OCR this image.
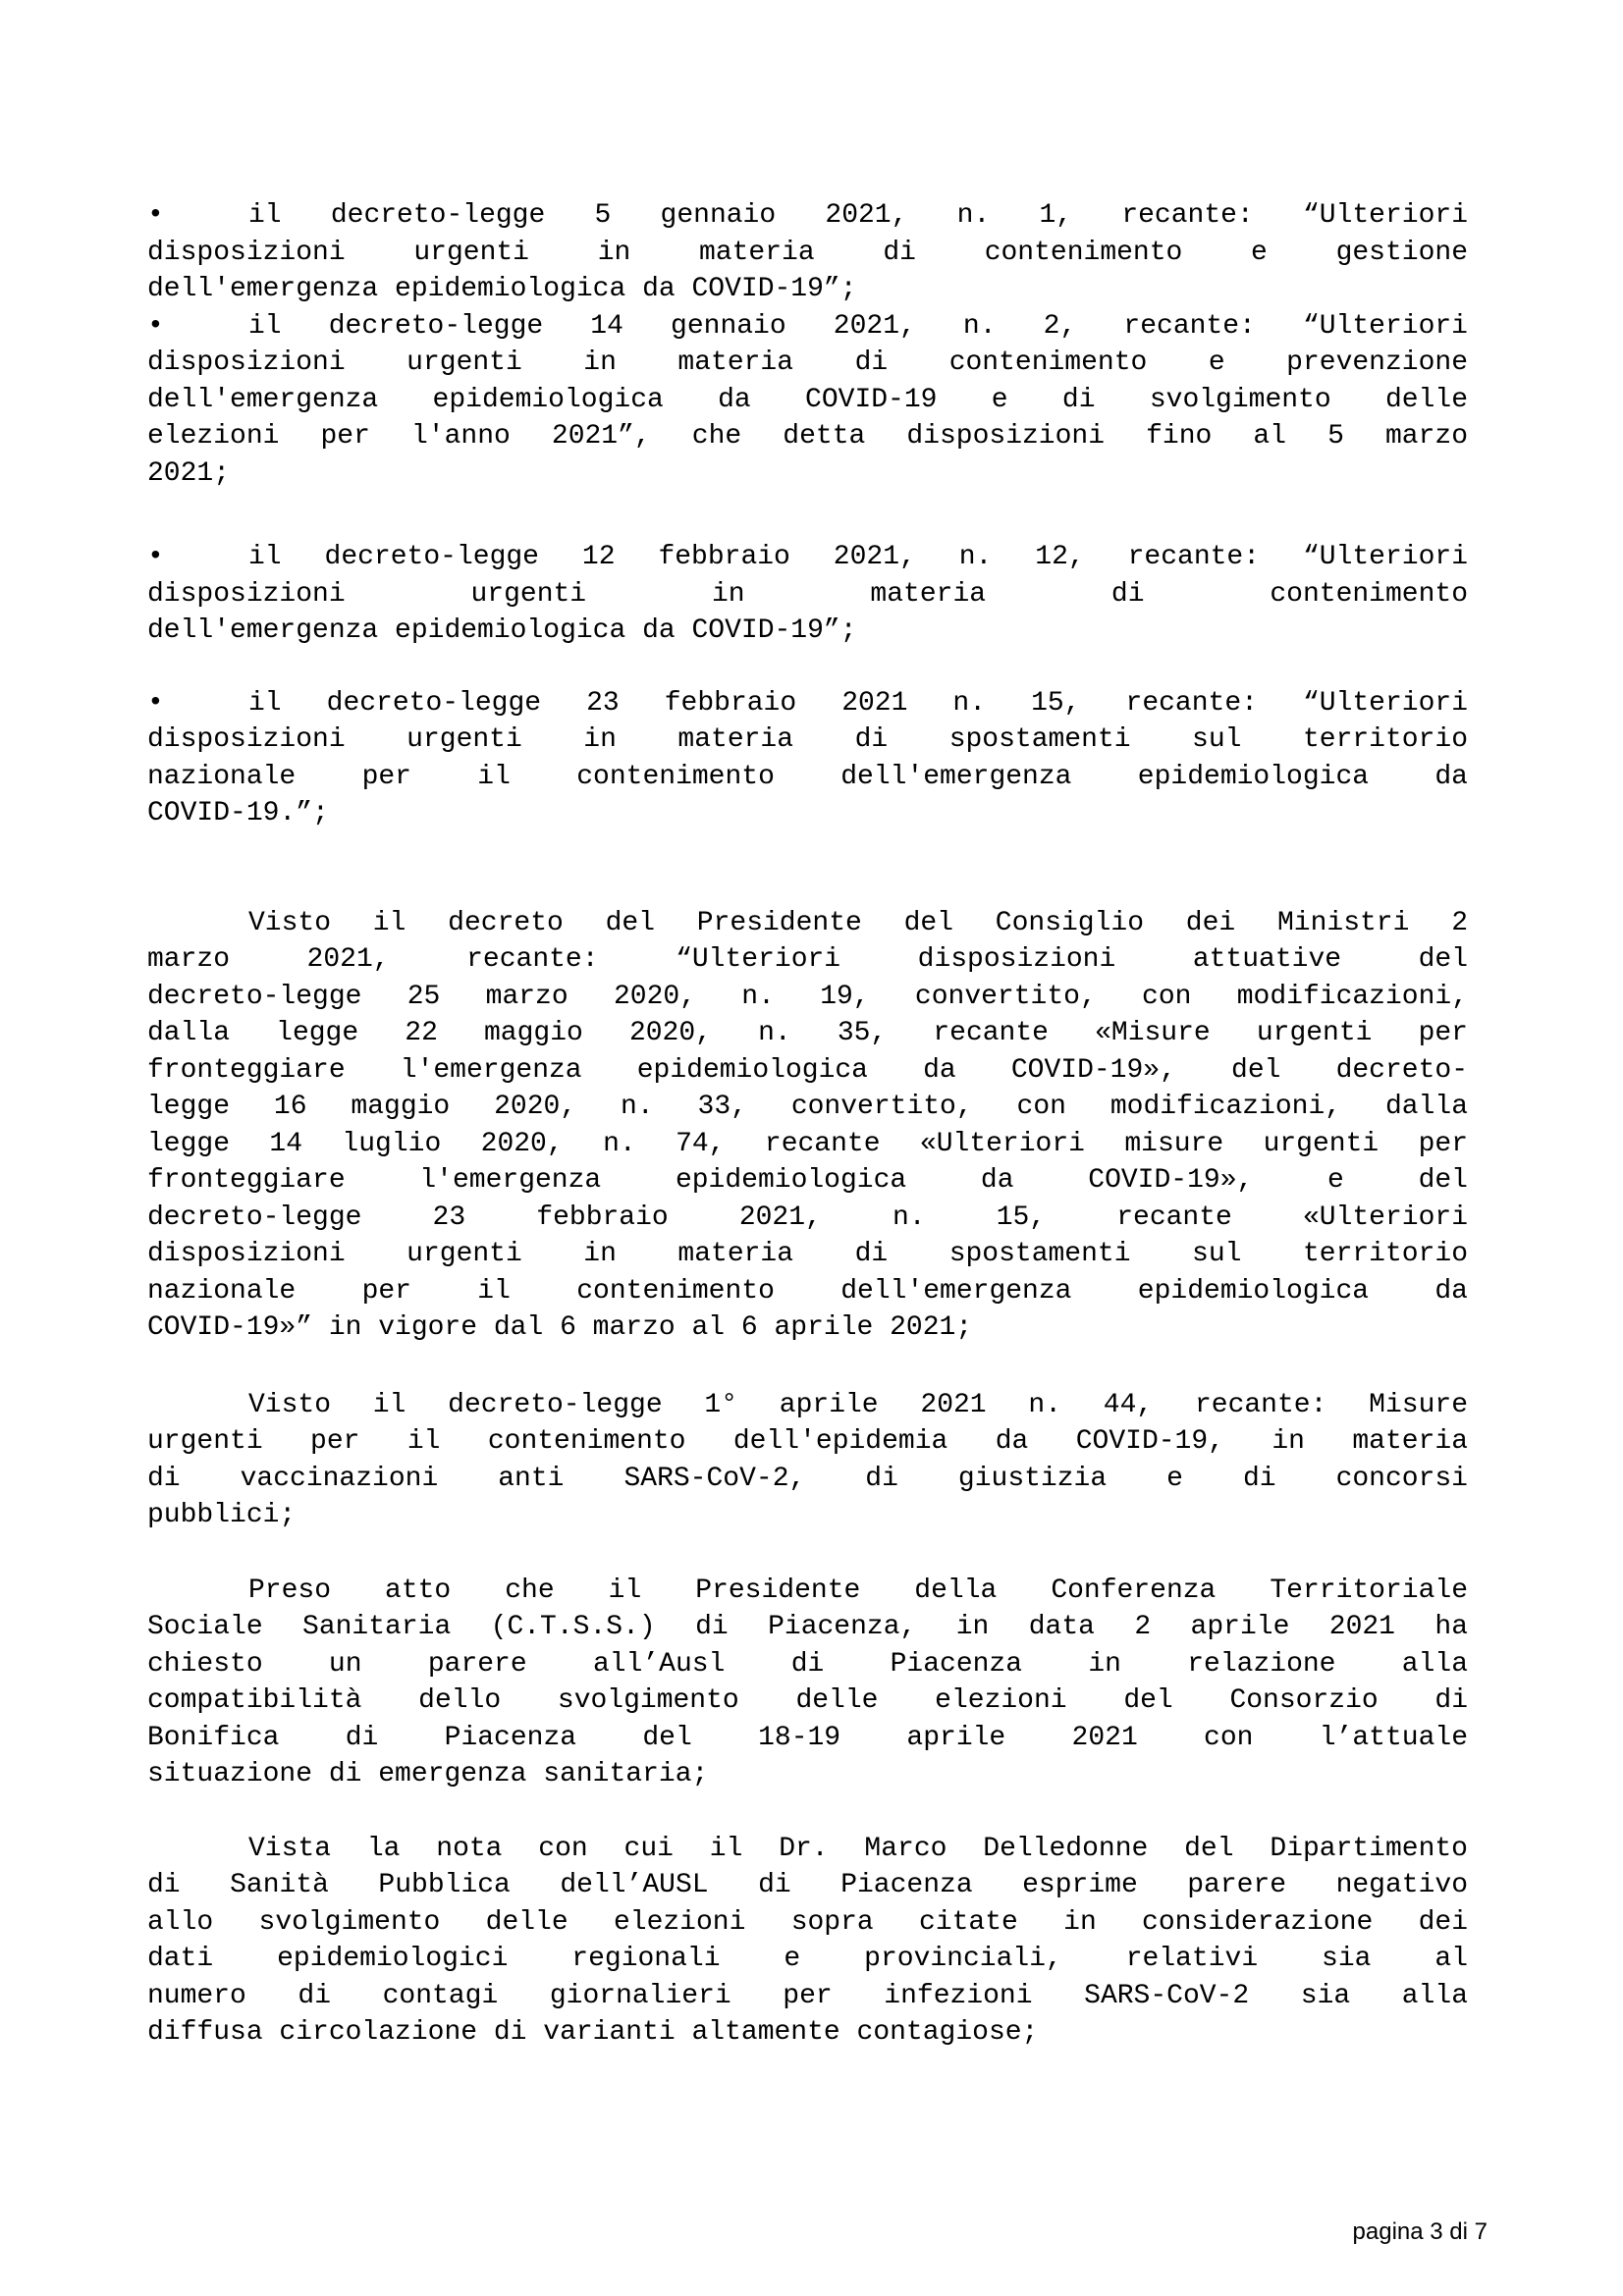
•	il decreto-legge 5 gennaio 2021, n. 1, recante: “Ulteriori
disposizioni urgenti in materia di contenimento e gestione
dell'emergenza epidemiologica da COVID-19”;
•	il decreto-legge 14 gennaio 2021, n. 2, recante: “Ulteriori
disposizioni urgenti in materia di contenimento e prevenzione
dell'emergenza epidemiologica da COVID-19 e di svolgimento delle
elezioni per l'anno 2021”, che detta disposizioni fino al 5 marzo
2021;
•	il decreto-legge 12 febbraio 2021, n. 12, recante: “Ulteriori
disposizioni urgenti in materia di contenimento
dell'emergenza epidemiologica da COVID-19”;
•	il decreto-legge 23 febbraio 2021 n. 15, recante: “Ulteriori
disposizioni urgenti in materia di spostamenti sul territorio
nazionale per il contenimento dell'emergenza epidemiologica da
COVID-19.”;
Visto il decreto del Presidente del Consiglio dei Ministri 2
marzo 2021, recante: “Ulteriori disposizioni attuative del
decreto-legge 25 marzo 2020, n. 19, convertito, con modificazioni,
dalla legge 22 maggio 2020, n. 35, recante «Misure urgenti per
fronteggiare l'emergenza epidemiologica da COVID-19», del decreto-
legge 16 maggio 2020, n. 33, convertito, con modificazioni, dalla
legge 14 luglio 2020, n. 74, recante «Ulteriori misure urgenti per
fronteggiare l'emergenza epidemiologica da COVID-19», e del
decreto-legge 23 febbraio 2021, n. 15, recante «Ulteriori
disposizioni urgenti in materia di spostamenti sul territorio
nazionale per il contenimento dell'emergenza epidemiologica da
COVID-19»” in vigore dal 6 marzo al 6 aprile 2021;
Visto il decreto-legge 1° aprile 2021 n. 44, recante: Misure
urgenti per il contenimento dell'epidemia da COVID-19, in materia
di vaccinazioni anti SARS-CoV-2, di giustizia e di concorsi
pubblici;
Preso atto che il Presidente della Conferenza Territoriale
Sociale Sanitaria (C.T.S.S.) di Piacenza, in data 2 aprile 2021 ha
chiesto un parere all’Ausl di Piacenza in relazione alla
compatibilità dello svolgimento delle elezioni del Consorzio di
Bonifica di Piacenza del 18-19 aprile 2021 con l’attuale
situazione di emergenza sanitaria;
Vista la nota con cui il Dr. Marco Delledonne del Dipartimento
di Sanità Pubblica dell’AUSL di Piacenza esprime parere negativo
allo svolgimento delle elezioni sopra citate in considerazione dei
dati epidemiologici regionali e provinciali, relativi sia al
numero di contagi giornalieri per infezioni SARS-CoV-2 sia alla
diffusa circolazione di varianti altamente contagiose;
pagina 3 di 7
